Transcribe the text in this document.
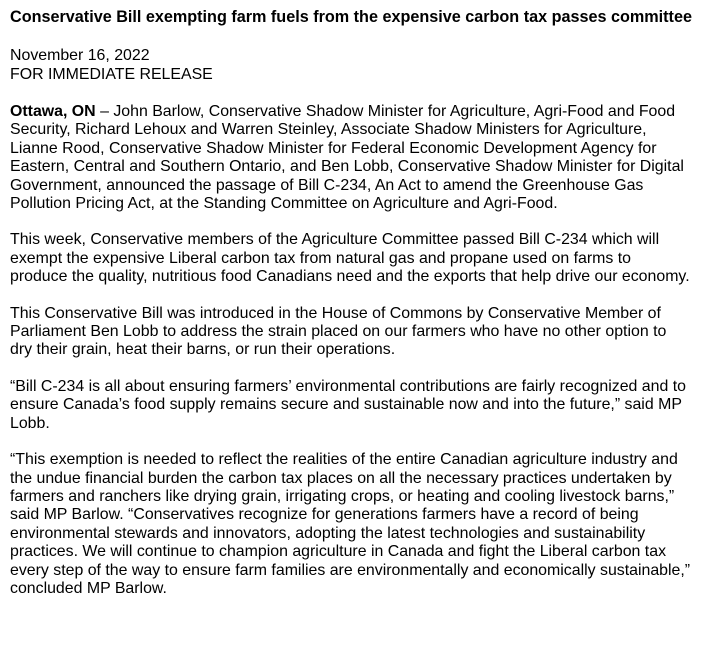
Conservative Bill exempting farm fuels from the expensive carbon tax passes committee
November 16, 2022
FOR IMMEDIATE RELEASE

Ottawa, ON – John Barlow, Conservative Shadow Minister for Agriculture, Agri-Food and Food Security, Richard Lehoux and Warren Steinley, Associate Shadow Ministers for Agriculture, Lianne Rood, Conservative Shadow Minister for Federal Economic Development Agency for Eastern, Central and Southern Ontario, and Ben Lobb, Conservative Shadow Minister for Digital Government, announced the passage of Bill C-234, An Act to amend the Greenhouse Gas Pollution Pricing Act, at the Standing Committee on Agriculture and Agri-Food.

This week, Conservative members of the Agriculture Committee passed Bill C-234 which will exempt the expensive Liberal carbon tax from natural gas and propane used on farms to produce the quality, nutritious food Canadians need and the exports that help drive our economy.

This Conservative Bill was introduced in the House of Commons by Conservative Member of Parliament Ben Lobb to address the strain placed on our farmers who have no other option to dry their grain, heat their barns, or run their operations.

“Bill C-234 is all about ensuring farmers’ environmental contributions are fairly recognized and to ensure Canada’s food supply remains secure and sustainable now and into the future,” said MP Lobb.

“This exemption is needed to reflect the realities of the entire Canadian agriculture industry and the undue financial burden the carbon tax places on all the necessary practices undertaken by farmers and ranchers like drying grain, irrigating crops, or heating and cooling livestock barns,” said MP Barlow. “Conservatives recognize for generations farmers have a record of being environmental stewards and innovators, adopting the latest technologies and sustainability practices. We will continue to champion agriculture in Canada and fight the Liberal carbon tax every step of the way to ensure farm families are environmentally and economically sustainable,” concluded MP Barlow.
